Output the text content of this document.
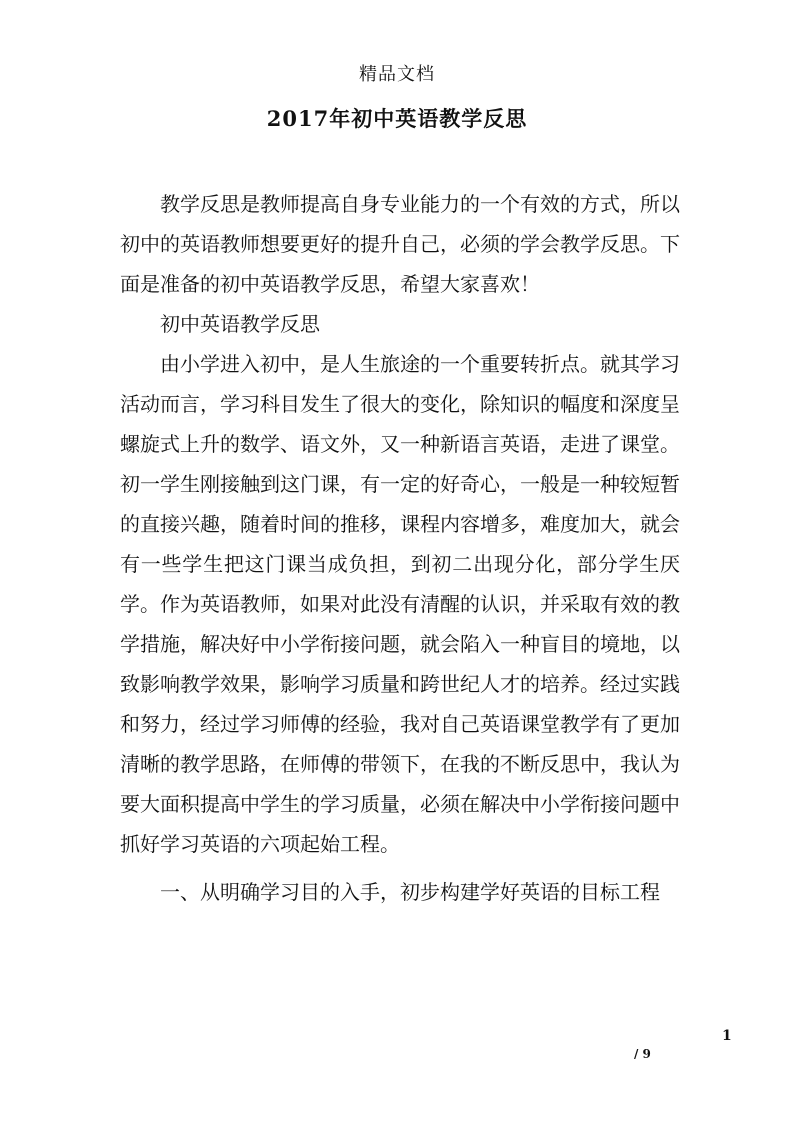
精品文档
2017年初中英语教学反思

教学反思是教师提高自身专业能力的一个有效的方式，所以初中的英语教师想要更好的提升自己，必须的学会教学反思。下面是准备的初中英语教学反思，希望大家喜欢！

初中英语教学反思

由小学进入初中，是人生旅途的一个重要转折点。就其学习活动而言，学习科目发生了很大的变化，除知识的幅度和深度呈螺旋式上升的数学、语文外，又一种新语言英语，走进了课堂。初一学生刚接触到这门课，有一定的好奇心，一般是一种较短暂的直接兴趣，随着时间的推移，课程内容增多，难度加大，就会有一些学生把这门课当成负担，到初二出现分化，部分学生厌学。作为英语教师，如果对此没有清醒的认识，并采取有效的教学措施，解决好中小学衔接问题，就会陷入一种盲目的境地，以致影响教学效果，影响学习质量和跨世纪人才的培养。经过实践和努力，经过学习师傅的经验，我对自己英语课堂教学有了更加清晰的教学思路，在师傅的带领下，在我的不断反思中，我认为要大面积提高中学生的学习质量，必须在解决中小学衔接问题中抓好学习英语的六项起始工程。

一、从明确学习目的入手，初步构建学好英语的目标工程

1
/ 9
